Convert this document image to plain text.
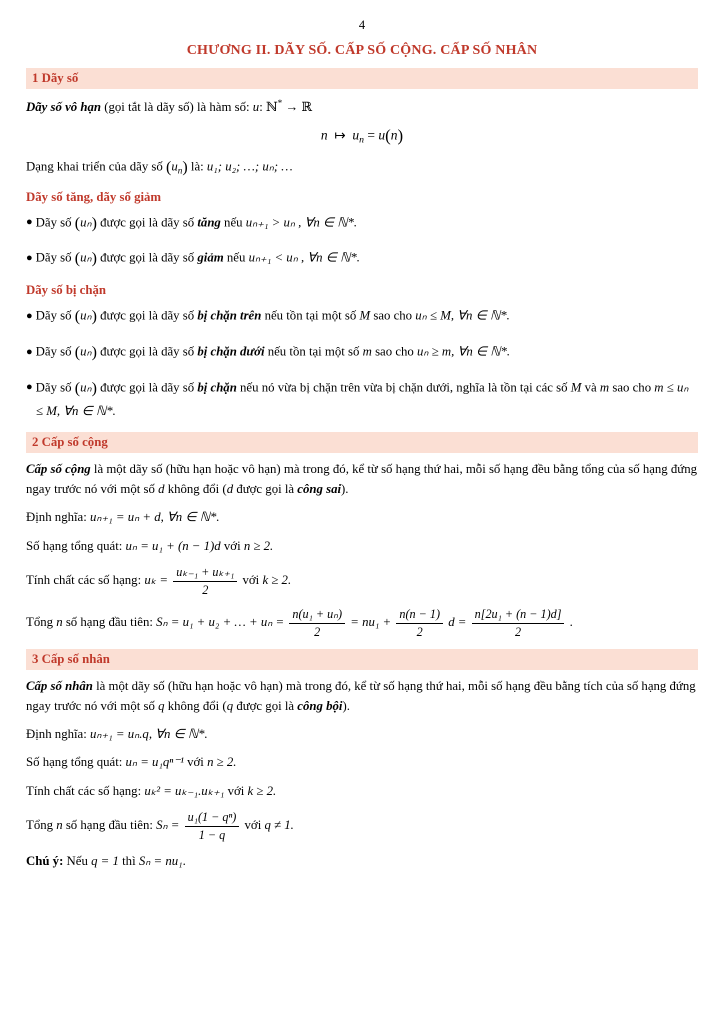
4
CHƯƠNG II. DÃY SỐ. CẤP SỐ CỘNG. CẤP SỐ NHÂN
1 Dãy số

Dãy số vô hạn (gọi tắt là dãy số) là hàm số: u: ℕ* → ℝ

n ↦ $u_n = u(n)$

Dạng khai triển của dãy số $(u_n)$ là: u₁; u₂; …; uₙ; …

Dãy số tăng, dãy số giảm

● Dãy số (uₙ) được gọi là dãy số tăng nếu uₙ₊₁ > uₙ , ∀n ∈ ℕ*.

● Dãy số (uₙ) được gọi là dãy số giảm nếu uₙ₊₁ < uₙ , ∀n ∈ ℕ*.

Dãy số bị chặn

● Dãy số (uₙ) được gọi là dãy số bị chặn trên nếu tồn tại một số M sao cho uₙ ≤ M, ∀n ∈ ℕ*.

● Dãy số (uₙ) được gọi là dãy số bị chặn dưới nếu tồn tại một số m sao cho uₙ ≥ m, ∀n ∈ ℕ*.

● Dãy số (uₙ) được gọi là dãy số bị chặn nếu nó vừa bị chặn trên vừa bị chặn dưới, nghĩa là tồn tại các số M và m sao cho m ≤ uₙ ≤ M, ∀n ∈ ℕ*.

2 Cấp số cộng

Cấp số cộng là một dãy số (hữu hạn hoặc vô hạn) mà trong đó, kể từ số hạng thứ hai, mỗi số hạng đều bằng tổng của số hạng đứng ngay trước nó với một số d không đổi (d được gọi là công sai).

Định nghĩa: uₙ₊₁ = uₙ + d, ∀n ∈ ℕ*.

Số hạng tổng quát: uₙ = u₁ + (n − 1)d với n ≥ 2.

Tính chất các số hạng: $u_k = \frac{\text{uₖ₋₁ + uₖ₊₁}}{2}$ với k ≥ 2.

Tổng n số hạng đầu tiên: Sₙ = u₁ + u₂ + … + $u_n = \frac{\text{n(u₁ + uₙ)}}{2} = nu_1 + \frac{n(n - 1)}{2}$ $d = \frac{\text{n[2u₁ + (n − 1)d]}}{2}$ .

3 Cấp số nhân

Cấp số nhân là một dãy số (hữu hạn hoặc vô hạn) mà trong đó, kể từ số hạng thứ hai, mỗi số hạng đều bằng tích của số hạng đứng ngay trước nó với một số q không đổi (q được gọi là công bội).

Định nghĩa: uₙ₊₁ = uₙ.q, ∀n ∈ ℕ*.

Số hạng tổng quát: uₙ = u₁qⁿ⁻¹ với n ≥ 2.

Tính chất các số hạng: uₖ² = uₖ₋₁.uₖ₊₁ với k ≥ 2.

Tổng n số hạng đầu tiên: $S_n = \frac{\text{u₁(1 − qⁿ)}}{1 - q}$ với q ≠ 1.

Chú ý: Nếu q = 1 thì Sₙ = nu₁.
